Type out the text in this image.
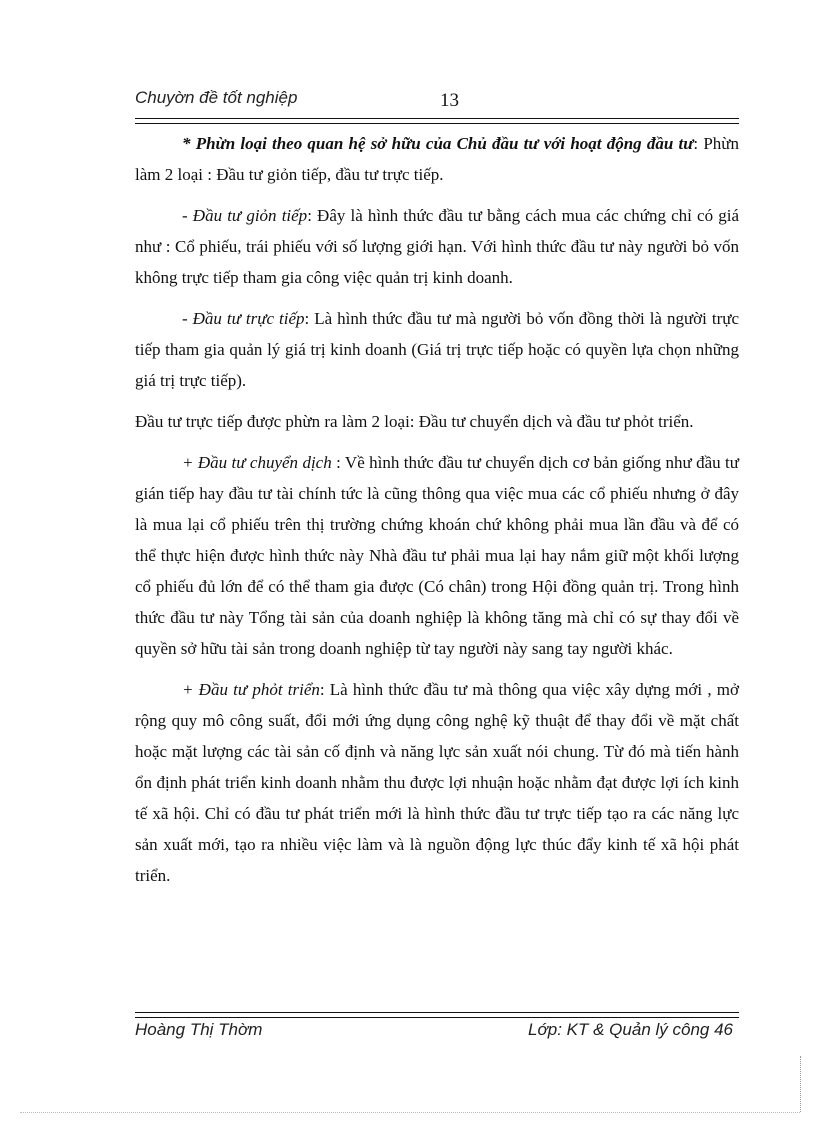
Chuyờn đề tốt nghiệp	13

* Phừn loại theo quan hệ sở hữu của Chủ đầu tư với hoạt động đầu tư: Phừn làm 2 loại : Đầu tư giỏn tiếp, đầu tư trực tiếp.

- Đầu tư giỏn tiếp: Đây là hình thức đầu tư bằng cách mua các chứng chỉ có giá như : Cổ phiếu, trái phiếu với số lượng giới hạn. Với hình thức đầu tư này người bỏ vốn không trực tiếp tham gia công việc quản trị kinh doanh.

- Đầu tư trực tiếp: Là hình thức đầu tư mà người bỏ vốn đồng thời là người trực tiếp tham gia quản lý giá trị kinh doanh (Giá trị trực tiếp hoặc có quyền lựa chọn những giá trị trực tiếp).

Đầu tư trực tiếp được phừn ra làm 2 loại: Đầu tư chuyển dịch và đầu tư phỏt triển.

+ Đầu tư chuyển dịch : Về hình thức đầu tư chuyển dịch cơ bản giống như đầu tư gián tiếp hay đầu tư tài chính tức là cũng thông qua việc mua các cổ phiếu nhưng ở đây là mua lại cổ phiếu trên thị trường chứng khoán chứ không phải mua lần đầu và để có thể thực hiện được hình thức này Nhà đầu tư phải mua lại hay nắm giữ một khối lượng cổ phiếu đủ lớn để có thể tham gia được (Có chân) trong Hội đồng quản trị. Trong hình thức đầu tư này Tổng tài sản của doanh nghiệp là không tăng mà chỉ có sự thay đổi về quyền sở hữu tài sản trong doanh nghiệp từ tay người này sang tay người khác.

+ Đầu tư phỏt triển: Là hình thức đầu tư mà thông qua việc xây dựng mới , mở rộng quy mô công suất, đổi mới ứng dụng công nghệ kỹ thuật để thay đổi về mặt chất hoặc mặt lượng các tài sản cố định và năng lực sản xuất nói chung. Từ đó mà tiến hành ổn định phát triển kinh doanh nhằm thu được lợi nhuận hoặc nhằm đạt được lợi ích kinh tế xã hội. Chỉ có đầu tư phát triển mới là hình thức đầu tư trực tiếp tạo ra các năng lực sản xuất mới, tạo ra nhiều việc làm và là nguồn động lực thúc đẩy kinh tế xã hội phát triển.

Hoàng Thị Thờm	Lớp: KT & Quản lý công 46
